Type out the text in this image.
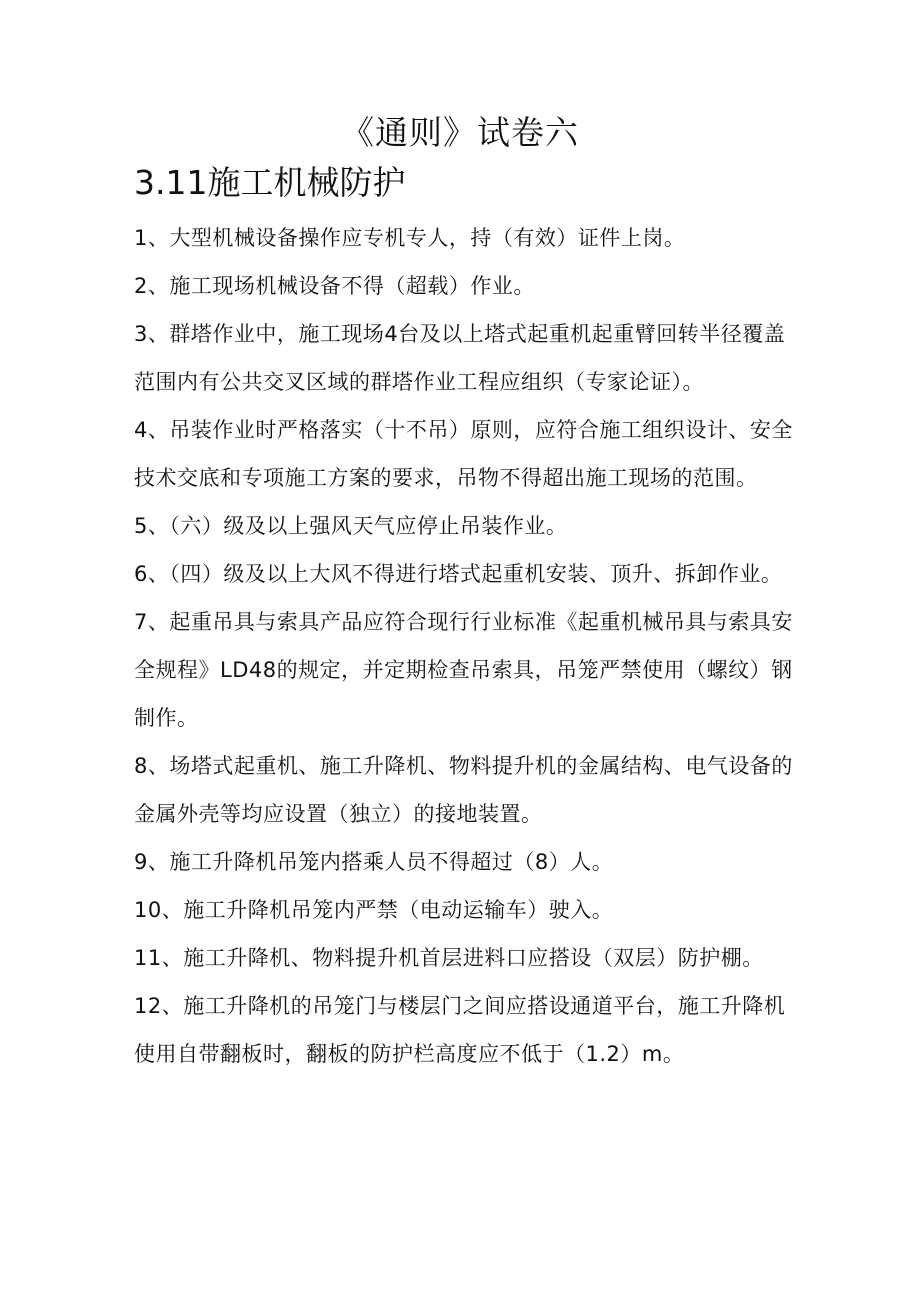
《通则》试卷六
3.11施工机械防护

1、大型机械设备操作应专机专人，持（有效）证件上岗。

2、施工现场机械设备不得（超载）作业。

3、群塔作业中，施工现场4台及以上塔式起重机起重臂回转半径覆盖范围内有公共交叉区域的群塔作业工程应组织（专家论证）。

4、吊装作业时严格落实（十不吊）原则，应符合施工组织设计、安全技术交底和专项施工方案的要求，吊物不得超出施工现场的范围。

5、（六）级及以上强风天气应停止吊装作业。

6、（四）级及以上大风不得进行塔式起重机安装、顶升、拆卸作业。

7、起重吊具与索具产品应符合现行行业标准《起重机械吊具与索具安全规程》LD48的规定，并定期检查吊索具，吊笼严禁使用（螺纹）钢制作。

8、场塔式起重机、施工升降机、物料提升机的金属结构、电气设备的金属外壳等均应设置（独立）的接地装置。

9、施工升降机吊笼内搭乘人员不得超过（8）人。

10、施工升降机吊笼内严禁（电动运输车）驶入。

11、施工升降机、物料提升机首层进料口应搭设（双层）防护棚。

12、施工升降机的吊笼门与楼层门之间应搭设通道平台，施工升降机使用自带翻板时，翻板的防护栏高度应不低于（1.2）m。
